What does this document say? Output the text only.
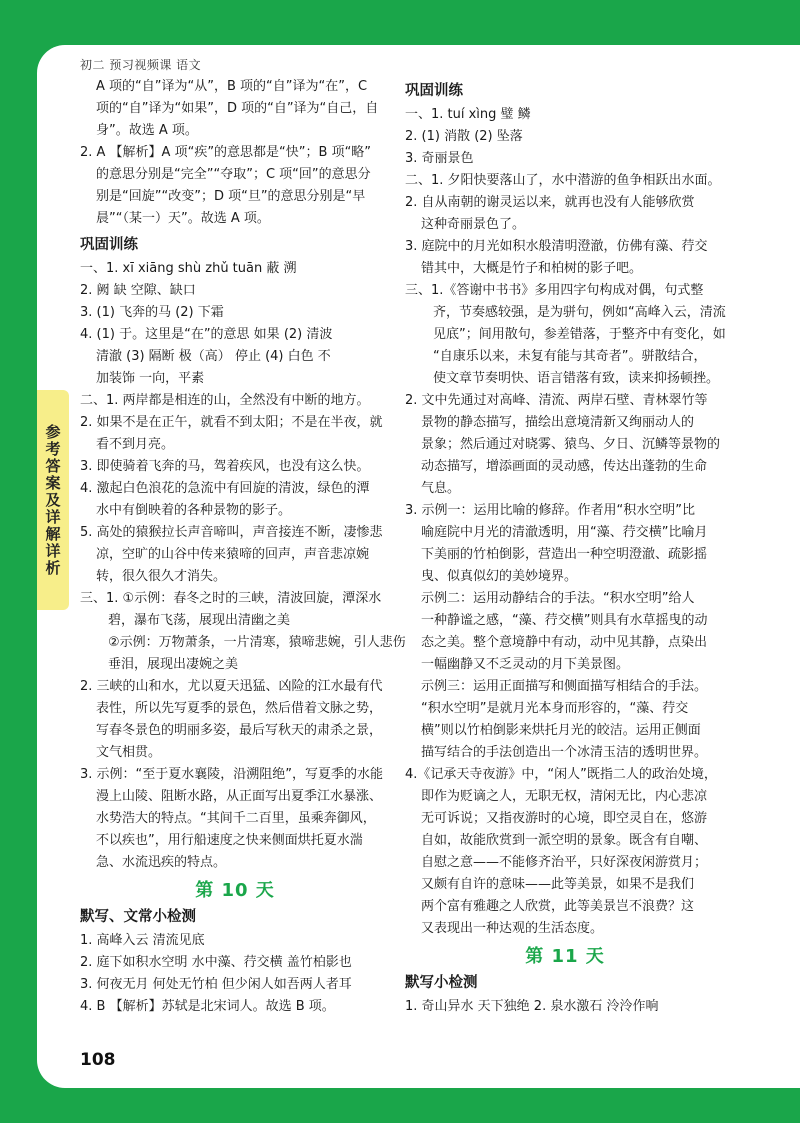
初二 预习视频课 语文
参考答案及详解详析
A 项的“自”译为“从”，B 项的“自”译为“在”，C
项的“自”译为“如果”，D 项的“自”译为“自己，自
身”。故选 A 项。
2. A 【解析】A 项“疾”的意思都是“快”；B 项“略”
的意思分别是“完全”“夺取”；C 项“回”的意思分
别是“回旋”“改变”；D 项“旦”的意思分别是“早
晨”“（某一）天”。故选 A 项。
巩固训练
一、1. xī xiāng shù zhǔ tuān 蔽 溯
2. 阙 缺 空隙、缺口
3. (1) 飞奔的马 (2) 下霜
4. (1) 于。这里是“在”的意思 如果 (2) 清波
清澈 (3) 隔断 极（高） 停止 (4) 白色 不
加装饰 一向，平素
二、1. 两岸都是相连的山，全然没有中断的地方。
2. 如果不是在正午，就看不到太阳；不是在半夜，就
看不到月亮。
3. 即使骑着飞奔的马，驾着疾风，也没有这么快。
4. 激起白色浪花的急流中有回旋的清波，绿色的潭
水中有倒映着的各种景物的影子。
5. 高处的猿猴拉长声音啼叫，声音接连不断，凄惨悲
凉，空旷的山谷中传来猿啼的回声，声音悲凉婉
转，很久很久才消失。
三、1. ①示例：春冬之时的三峡，清波回旋，潭深水
碧，瀑布飞荡，展现出清幽之美
②示例：万物萧条，一片清寒，猿啼悲婉，引人悲伤
垂泪，展现出凄婉之美
2. 三峡的山和水，尤以夏天迅猛、凶险的江水最有代
表性，所以先写夏季的景色，然后借着文脉之势，
写春冬景色的明丽多姿，最后写秋天的肃杀之景，
文气相贯。
3. 示例：“至于夏水襄陵，沿溯阻绝”，写夏季的水能
漫上山陵、阻断水路，从正面写出夏季江水暴涨、
水势浩大的特点。“其间千二百里，虽乘奔御风，
不以疾也”，用行船速度之快来侧面烘托夏水湍
急、水流迅疾的特点。
第 10 天
默写、文常小检测
1. 高峰入云 清流见底
2. 庭下如积水空明 水中藻、荇交横 盖竹柏影也
3. 何夜无月 何处无竹柏 但少闲人如吾两人者耳
4. B 【解析】苏轼是北宋词人。故选 B 项。
巩固训练
一、1. tuí xìng 璧 鳞
2. (1) 消散 (2) 坠落
3. 奇丽景色
二、1. 夕阳快要落山了，水中潜游的鱼争相跃出水面。
2. 自从南朝的谢灵运以来，就再也没有人能够欣赏
这种奇丽景色了。
3. 庭院中的月光如积水般清明澄澈，仿佛有藻、荇交
错其中，大概是竹子和柏树的影子吧。
三、1.《答谢中书书》多用四字句构成对偶，句式整
齐，节奏感较强，是为骈句，例如“高峰入云，清流
见底”；间用散句，参差错落，于整齐中有变化，如
“自康乐以来，未复有能与其奇者”。骈散结合，
使文章节奏明快、语言错落有致，读来抑扬顿挫。
2. 文中先通过对高峰、清流、两岸石壁、青林翠竹等
景物的静态描写，描绘出意境清新又绚丽动人的
景象；然后通过对晓雾、猿鸟、夕日、沉鳞等景物的
动态描写，增添画面的灵动感，传达出蓬勃的生命
气息。
3. 示例一：运用比喻的修辞。作者用“积水空明”比
喻庭院中月光的清澈透明，用“藻、荇交横”比喻月
下美丽的竹柏倒影，营造出一种空明澄澈、疏影摇
曳、似真似幻的美妙境界。
示例二：运用动静结合的手法。“积水空明”给人
一种静谧之感，“藻、荇交横”则具有水草摇曳的动
态之美。整个意境静中有动，动中见其静，点染出
一幅幽静又不乏灵动的月下美景图。
示例三：运用正面描写和侧面描写相结合的手法。
“积水空明”是就月光本身而形容的，“藻、荇交
横”则以竹柏倒影来烘托月光的皎洁。运用正侧面
描写结合的手法创造出一个冰清玉洁的透明世界。
4.《记承天寺夜游》中，“闲人”既指二人的政治处境，
即作为贬谪之人，无职无权，清闲无比，内心悲凉
无可诉说；又指夜游时的心境，即空灵自在，悠游
自如，故能欣赏到一派空明的景象。既含有自嘲、
自慰之意——不能修齐治平，只好深夜闲游赏月；
又颇有自许的意味——此等美景，如果不是我们
两个富有雅趣之人欣赏，此等美景岂不浪费？这
又表现出一种达观的生活态度。
第 11 天
默写小检测
1. 奇山异水 天下独绝 2. 泉水激石 泠泠作响
108
